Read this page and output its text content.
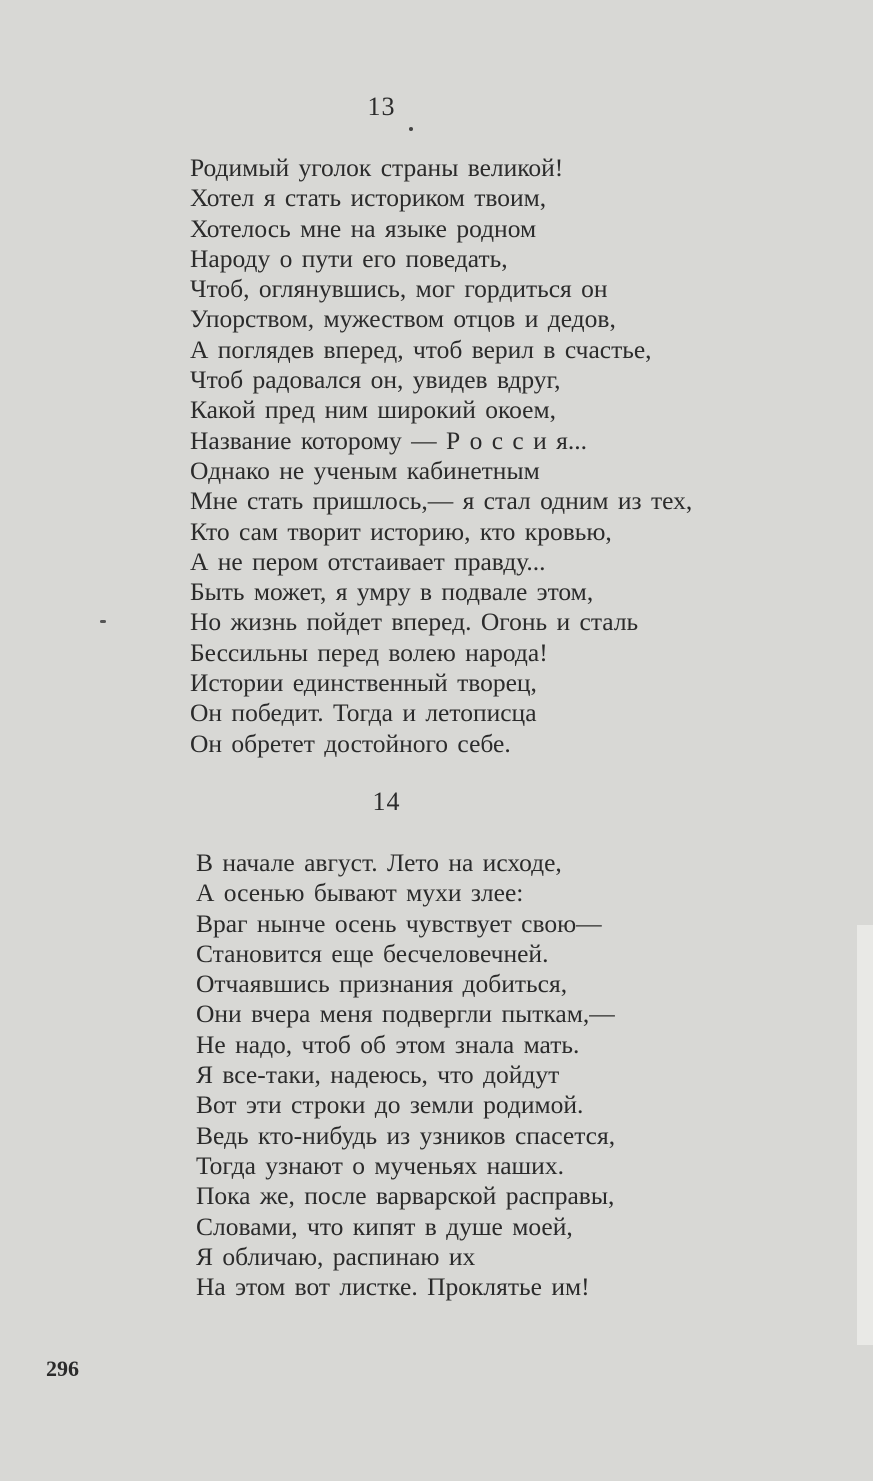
13
Родимый уголок страны великой!
Хотел я стать историком твоим,
Хотелось мне на языке родном
Народу о пути его поведать,
Чтоб, оглянувшись, мог гордиться он
Упорством, мужеством отцов и дедов,
А поглядев вперед, чтоб верил в счастье,
Чтоб радовался он, увидев вдруг,
Какой пред ним широкий окоем,
Название которому — Р о с с и я...
Однако не ученым кабинетным
Мне стать пришлось,— я стал одним из тех,
Кто сам творит историю, кто кровью,
А не пером отстаивает правду...
Быть может, я умру в подвале этом,
Но жизнь пойдет вперед. Огонь и сталь
Бессильны перед волею народа!
Истории единственный творец,
Он победит. Тогда и летописца
Он обретет достойного себе.
14
В начале август. Лето на исходе,
А осенью бывают мухи злее:
Враг нынче осень чувствует свою—
Становится еще бесчеловечней.
Отчаявшись признания добиться,
Они вчера меня подвергли пыткам,—
Не надо, чтоб об этом знала мать.
Я все-таки, надеюсь, что дойдут
Вот эти строки до земли родимой.
Ведь кто-нибудь из узников спасется,
Тогда узнают о мученьях наших.
Пока же, после варварской расправы,
Словами, что кипят в душе моей,
Я обличаю, распинаю их
На этом вот листке. Проклятье им!
296
